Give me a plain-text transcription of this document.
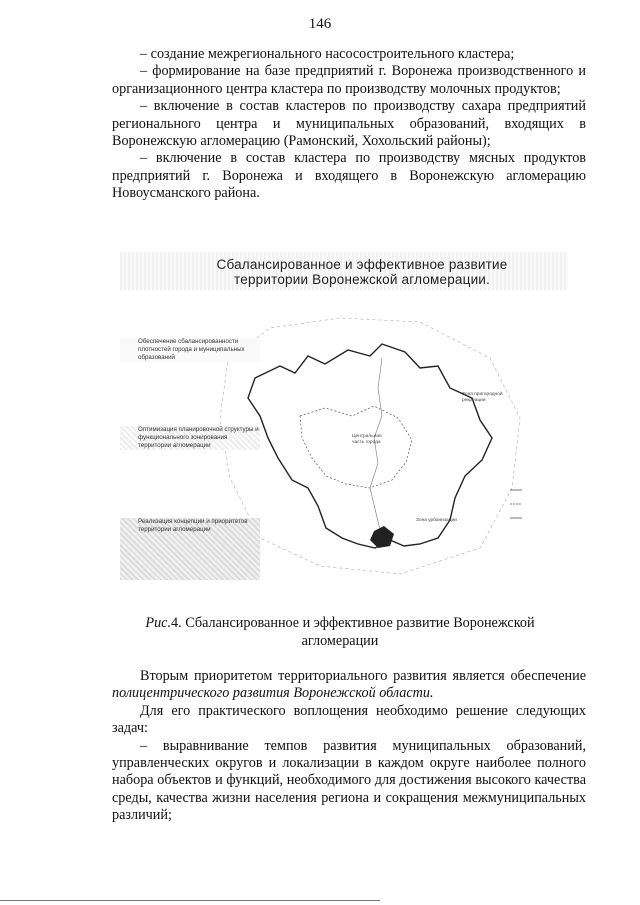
146

– создание межрегионального насосостроительного кластера;

– формирование на базе предприятий г. Воронежа производственного и организационного центра кластера по производству молочных продуктов;

– включение в состав кластеров по производству сахара предприятий регионального центра и муниципальных образований, входящих в Воронежскую агломерацию (Рамонский, Хохольский районы);

– включение в состав кластера по производству мясных продуктов предприятий г. Воронежа и входящего в Воронежскую агломерацию Новоусманского района.

Сбалансированное и эффективное развитие
территории Воронежской агломерации.
Обеспечение сбалансированности плотностей города и муниципальных образований
Оптимизация планировочной структуры и функционального зонирования территории агломерации
Реализация концепции и приоритетов территории агломерации
Центральная часть города
Зона урбанизации
Зона пригородной рекреации
Рис.4. Сбалансированное и эффективное развитие Воронежской агломерации

Вторым приоритетом территориального развития является обеспечение полицентрического развития Воронежской области.

Для его практического воплощения необходимо решение следующих задач:

– выравнивание темпов развития муниципальных образований, управленческих округов и локализации в каждом округе наиболее полного набора объектов и функций, необходимого для достижения высокого качества среды, качества жизни населения региона и сокращения межмуниципальных различий;
